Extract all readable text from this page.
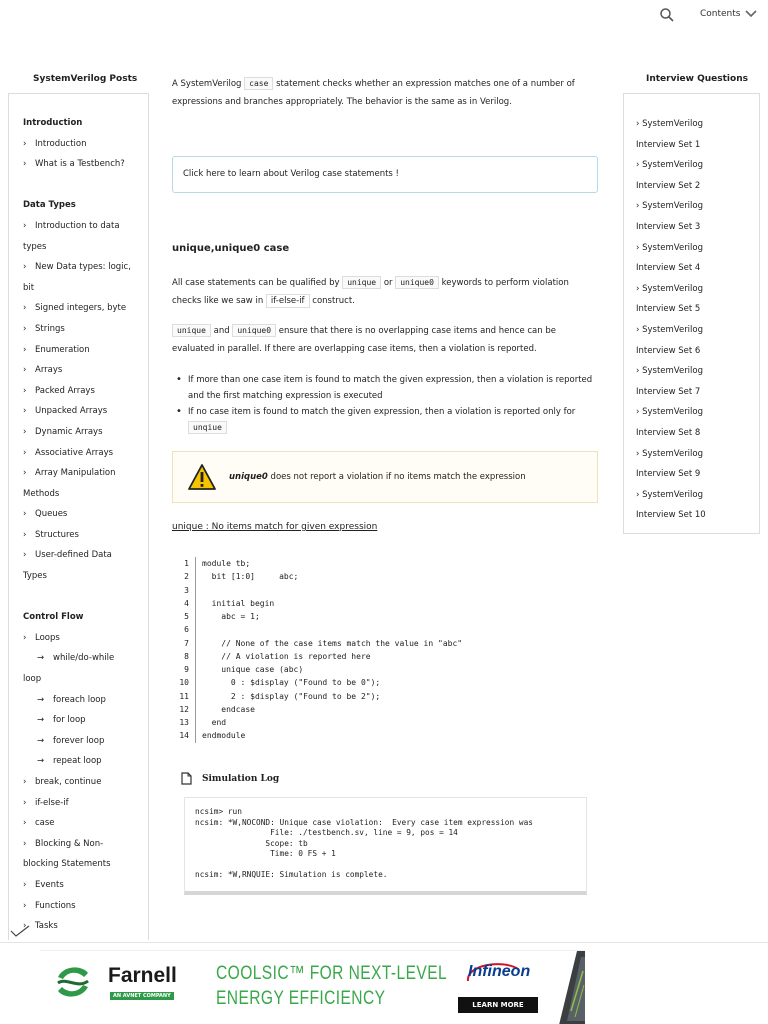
Contents
SystemVerilog Posts
Introduction
› Introduction
› What is a Testbench?
Data Types
› Introduction to data
types
› New Data types: logic,
bit
› Signed integers, byte
› Strings
› Enumeration
› Arrays
› Packed Arrays
› Unpacked Arrays
› Dynamic Arrays
› Associative Arrays
› Array Manipulation
Methods
› Queues
› Structures
› User-defined Data
Types
Control Flow
› Loops
→ while/do-while
loop
→ foreach loop
→ for loop
→ forever loop
→ repeat loop
› break, continue
› if-else-if
› case
› Blocking & Non-
blocking Statements
› Events
› Functions
› Tasks
Interview Questions
› SystemVerilog
Interview Set 1
› SystemVerilog
Interview Set 2
› SystemVerilog
Interview Set 3
› SystemVerilog
Interview Set 4
› SystemVerilog
Interview Set 5
› SystemVerilog
Interview Set 6
› SystemVerilog
Interview Set 7
› SystemVerilog
Interview Set 8
› SystemVerilog
Interview Set 9
› SystemVerilog
Interview Set 10

A SystemVerilog case statement checks whether an expression matches one of a number of expressions and branches appropriately. The behavior is the same as in Verilog.

Click here to learn about Verilog case statements !
unique,unique0 case

All case statements can be qualified by unique or unique0 keywords to perform violation checks like we saw in if-else-if construct.

unique and unique0 ensure that there is no overlapping case items and hence can be evaluated in parallel. If there are overlapping case items, then a violation is reported.

• If more than one case item is found to match the given expression, then a violation is reported and the first matching expression is executed
• If no case item is found to match the given expression, then a violation is reported only for unqiue
unique0 does not report a violation if no items match the expression
unique : No items match for given expression
1	module tb;
2	bit [1:0]     abc;
3
4	initial begin
5	abc = 1;
6
7	// None of the case items match the value in "abc"
8	// A violation is reported here
9	unique case (abc)
10	0 : $display ("Found to be 0");
11	2 : $display ("Found to be 2");
12	endcase
13	end
14	endmodule
Simulation Log
ncsim> run
ncsim: *W,NOCOND: Unique case violation:  Every case item expression was
File: ./testbench.sv, line = 9, pos = 14
Scope: tb
Time: 0 FS + 1

ncsim: *W,RNQUIE: Simulation is complete.
Farnell
AN AVNET COMPANY
COOLSIC™ FOR NEXT-LEVEL
ENERGY EFFICIENCY
Infineon
LEARN MORE
